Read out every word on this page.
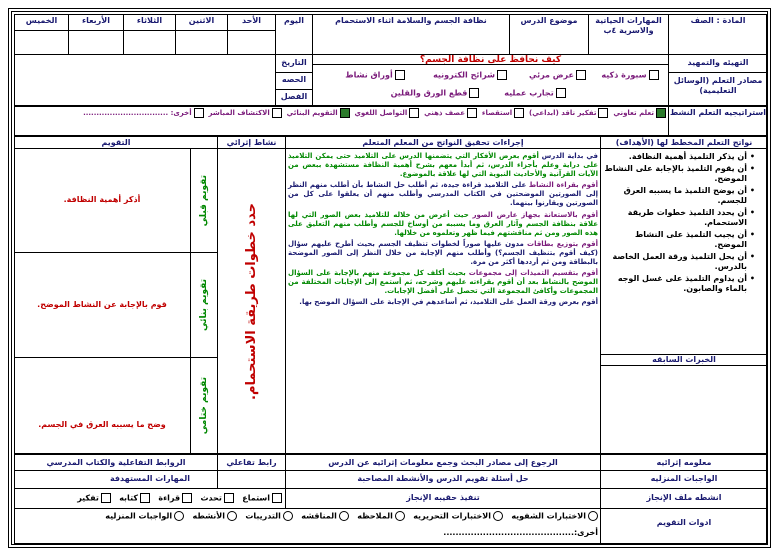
المادة : الصف
المهارات الحياتية والاسرية ٤ب
موضوع الدرس
نظافة الجسم والسلامة اثناء الاستحمام
اليوم
الأحد
الاثنين
الثلاثاء
الأربعاء
الخميس
التاريخ
الحصه
الفصل
التهيئه والتمهيد
كيف نحافظ على نظافة الجسم؟
مصادر التعلم (الوسائل التعليمية)
سبورة ذكيه
عرض مرئي
شرائح الكترونيه
أوراق نشاط
تجارب عمليه
قطع الورق والقلين
استراتيجيه التعلم النشط
تعلم تعاوني  تفكير ناقد (ابداعي)  استقصاء  عصف ذهني  التواصل اللغوي  التقويم البنائي  الاكتشاف المباشر  أخرى: ................................
نواتج التعلم المخطط لها (الأهداف)
إجراءات تحقيق النواتج من المعلم المتعلم
نشاط إثرائي
التقويم
• أن يذكر التلميذ أهمية النظافة.
• أن يقوم التلميذ بالإجابة على النشاط الموضح.
• أن يوضح التلميذ ما يسببه العرق للجسم.
• أن يحدد التلميذ خطوات طريقة الاستحمام.
• أن يجيب التلميذ على النشاط الموضح.
• أن يحل التلميذ ورقة العمل الخاصة بالدرس.
• أن يداوم التلميذ على غسل الوجه بالماء والصابون.
الخبرات السابقه

في بداية الدرس أقوم بعرض الأفكار التي يتضمنها الدرس على التلاميذ حتى يمكن التلاميذ على دراية وعلم بأجزاء الدرس، ثم أبدأ معهم بشرح أهمية النظافة مستشهدة ببعض من الآيات القرآنية والأحاديث النبوية التي لها علاقة بالموضوع.

أقوم بقراءة النشاط على التلاميذ قراءة جيدة، ثم أطلب حل النشاط بأن أطلب منهم النظر إلى الصورتين الموضحتين في الكتاب المدرسي وأطلب منهم أن يعلقوا على كل من الصورتين ويقارنوا بينهما.

أقوم بالاستعانة بجهاز عارض الصور حيث أعرض من خلاله للتلاميذ بعض الصور التي لها علاقة بنظافة الجسم وآثار العرق وما يسببه من أوساخ للجسم وأطلب منهم التعليق على هذه الصور ومن ثم مناقشتهم فيما ظهر وتعلموه من خلالها.

أقوم بتوزيع بطاقات مدون عليها صوراً لخطوات تنظيف الجسم بحيث أطرح عليهم سؤال (كيف أقوم بتنظيف الجسم؟) وأطلب منهم الإجابة من خلال النظر إلى الصور الموضحة بالبطاقة ومن ثم أرددها أكثر من مرة.

أقوم بتقسيم التميذات إلى مجموعات بحيث أكلف كل مجموعة منهم بالإجابة على السؤال الموضح بالنشاط بعد أن أقوم بقراءته عليهم وشرحه، ثم أستمع إلى الإجابات المختلفة من المجموعات وأكافئ المجموعة التي تحصل على أفضل الإجابات.

أقوم بعرض ورقة العمل على التلاميذ، ثم أساعدهم في الإجابة على السؤال الموضح بها.

حدد خطوات طريقة الاستحمام.
تقويم قبلي
تقويم بنائي
تقويم ختامي
أذكر أهمية النظافة.
قوم بالإجابة عن النشاط الموضح.
وضح ما يسببه العرق في الجسم.
معلومه إثرائيه
الرجوع إلى مصادر البحث وجمع معلومات إثرائيه عن الدرس
رابط تفاعلي
الروابط التفاعلية والكتاب المدرسي
الواجبات المنزليه
حل أسئلة تقويم الدرس والأنشطة المصاحبة
المهارات المستهدفة
انشطه ملف الإنجاز
تنفيذ حقيبه الإنجاز
استماع   تحدث   قراءة   كتابه   تفكير
ادوات التقويم
الاختبارات الشفويه   الاختبارات التحريريه   الملاحظه   المناقشه   التدريبات   الأنشطه   الواجبات المنزليه
أخرى:...........................................
